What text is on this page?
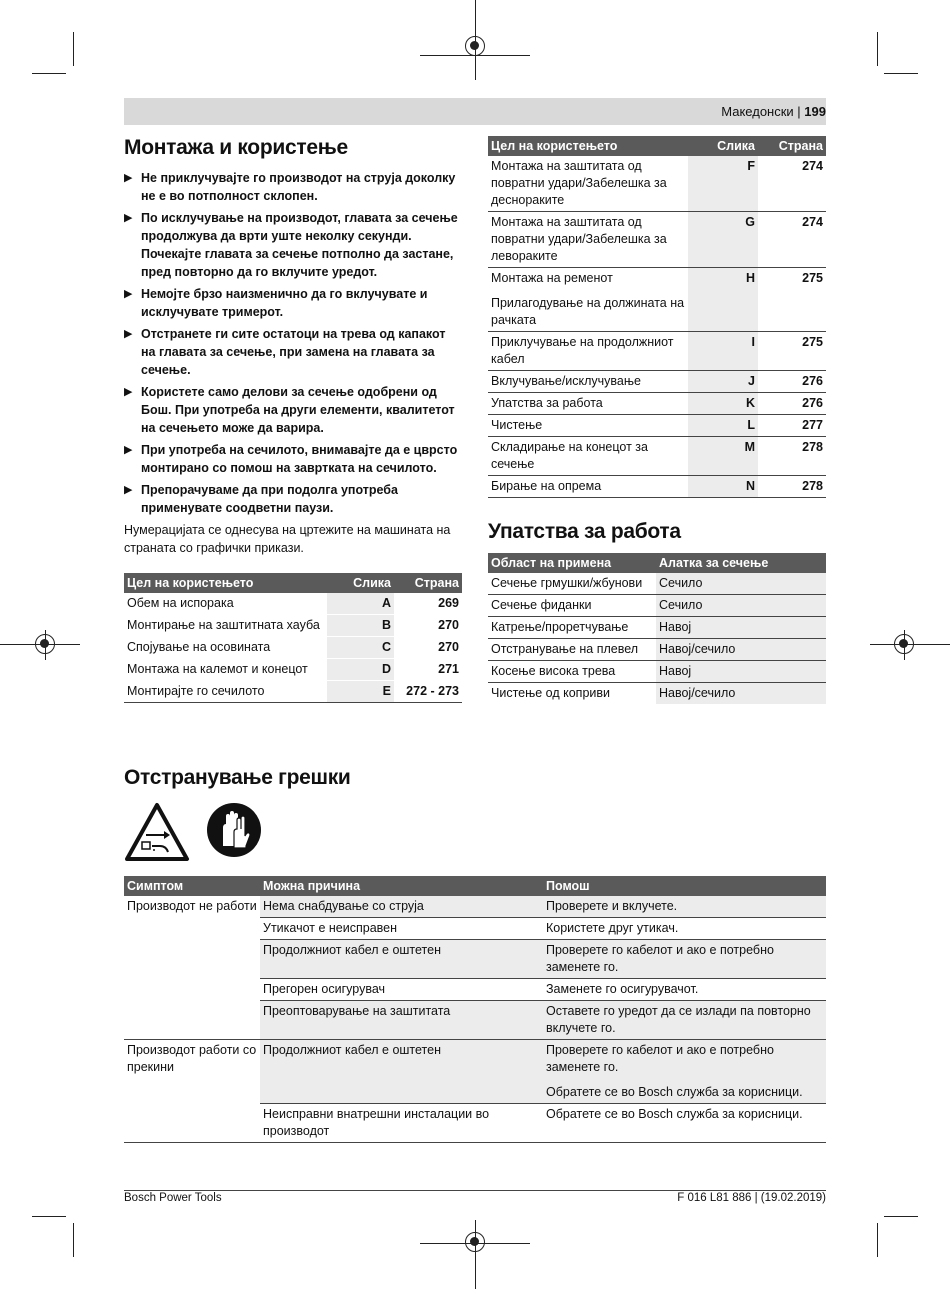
Македонски | 199
Монтажа и користење
▶ Не приклучувајте го производот на струја доколку не е во потполност склопен.
▶ По исклучување на производот, главата за сечење продолжува да врти уште неколку секунди. Почекајте главата за сечење потполно да застане, пред повторно да го вклучите уредот.
▶ Немојте брзо наизменично да го вклучувате и исклучувате тримерот.
▶ Отстранете ги сите остатоци на трева од капакот на главата за сечење, при замена на главата за сечење.
▶ Користете само делови за сечење одобрени од Бош. При употреба на други елементи, квалитетот на сечењето може да варира.
▶ При употреба на сечилото, внимавајте да е цврсто монтирано со помош на завртката на сечилото.
▶ Препорачуваме да при подолга употреба применувате соодветни паузи.

Нумерацијата се однесува на цртежите на машината на страната со графички прикази.

Цел на користењето	Слика	Страна
Обем на испорака	A	269
Монтирање на заштитната хауба	B	270
Спојување на осовината	C	270
Монтажа на калемот и конецот	D	271
Монтирајте го сечилото	E	272 - 273
Цел на користењето	Слика	Страна
Монтажа на заштитата од повратни удари/Забелешка за деснораките	F	274
Монтажа на заштитата од повратни удари/Забелешка за левораките	G	274
Монтажа на ременот	H	275
Прилагодување на должината на рачката		
Приклучување на продолжниот кабел	I	275
Вклучување/исклучување	J	276
Упатства за работа	K	276
Чистење	L	277
Складирање на конецот за сечење	M	278
Бирање на опрема	N	278
Упатства за работа
Област на примена	Алатка за сечење
Сечење грмушки/жбунови	Сечило
Сечење фиданки	Сечило
Катрење/проретчување	Навој
Отстранување на плевел	Навој/сечило
Косење висока трева	Навој
Чистење од коприви	Навој/сечило
Отстранување грешки
Симптом	Можна причина	Помош
Производот не работи	Нема снабдување со струја	Проверете и вклучете.
	Утикачот е неисправен	Користете друг утикач.
	Продолжниот кабел е оштетен	Проверете го кабелот и ако е потребно заменете го.
	Прегорен осигурувач	Заменете го осигурувачот.
	Преоптоварување на заштитата	Оставете го уредот да се излади па повторно вклучете го.
Производот работи со прекини	Продолжниот кабел е оштетен	Проверете го кабелот и ако е потребно заменете го.
		Обратете се во Bosch служба за корисници.
	Неисправни внатрешни инсталации во производот	Обратете се во Bosch служба за корисници.
Bosch Power Tools	F 016 L81 886 | (19.02.2019)
